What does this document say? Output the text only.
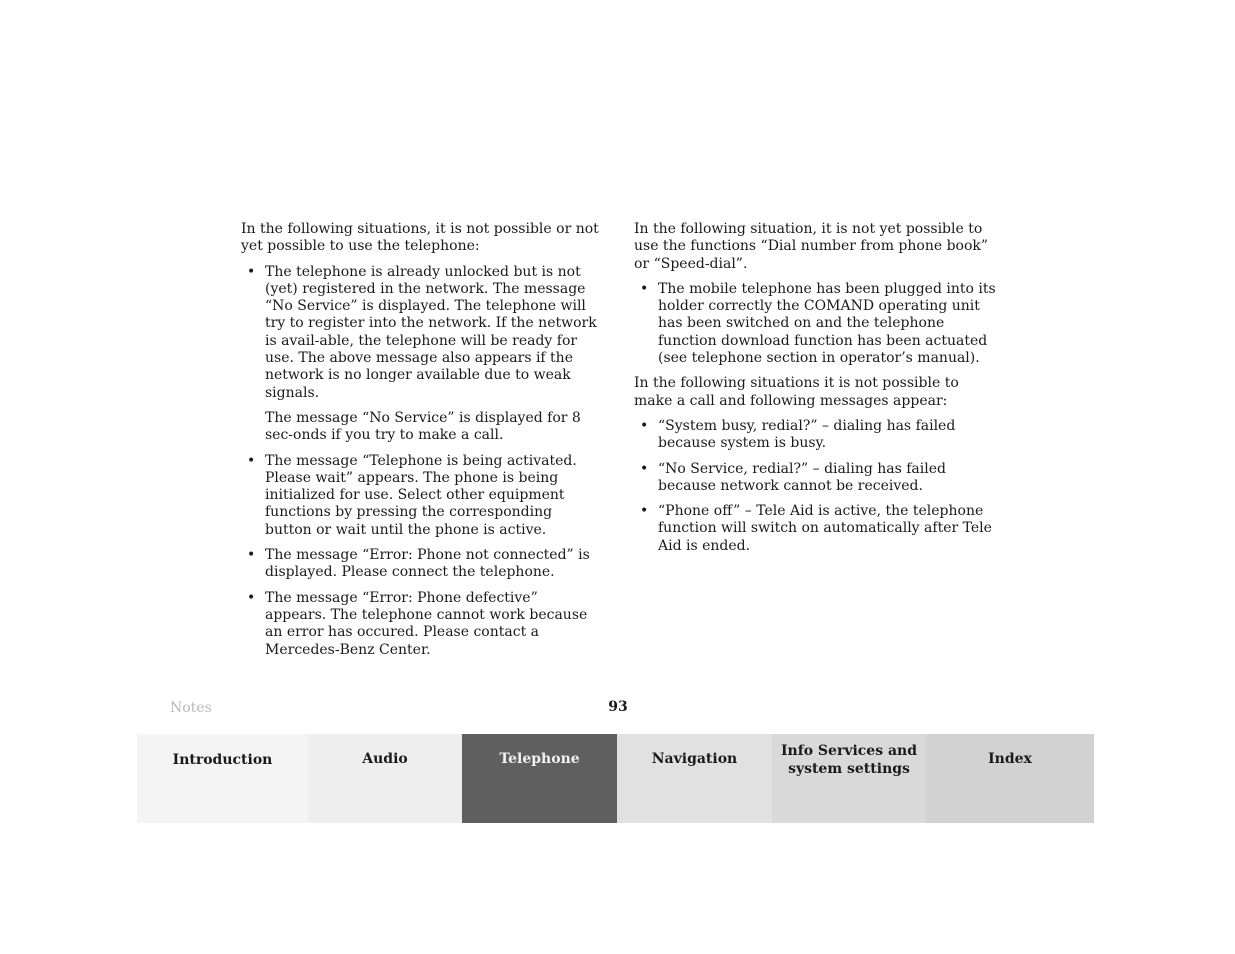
In the following situations, it is not possible or not yet possible to use the telephone:

• The telephone is already unlocked but is not (yet) registered in the network. The message “No Service” is displayed. The telephone will try to register into the network. If the network is avail-able, the telephone will be ready for use. The above message also appears if the network is no longer available due to weak signals.
The message “No Service” is displayed for 8 sec-onds if you try to make a call.
• The message “Telephone is being activated. Please wait” appears. The phone is being initialized for use. Select other equipment functions by pressing the corresponding button or wait until the phone is active.
• The message “Error: Phone not connected” is displayed. Please connect the telephone.
• The message “Error: Phone defective” appears. The telephone cannot work because an error has occured. Please contact a Mercedes-Benz Center.

In the following situation, it is not yet possible to use the functions “Dial number from phone book” or “Speed-dial”.

• The mobile telephone has been plugged into its holder correctly the COMAND operating unit has been switched on and the telephone function download function has been actuated (see telephone section in operator’s manual).

In the following situations it is not possible to make a call and following messages appear:

• “System busy, redial?” – dialing has failed because system is busy.
• “No Service, redial?” – dialing has failed because network cannot be received.
• “Phone off” – Tele Aid is active, the telephone function will switch on automatically after Tele Aid is ended.
Notes	93
Introduction	Audio	Telephone	Navigation	Info Services and
system settings
Index
